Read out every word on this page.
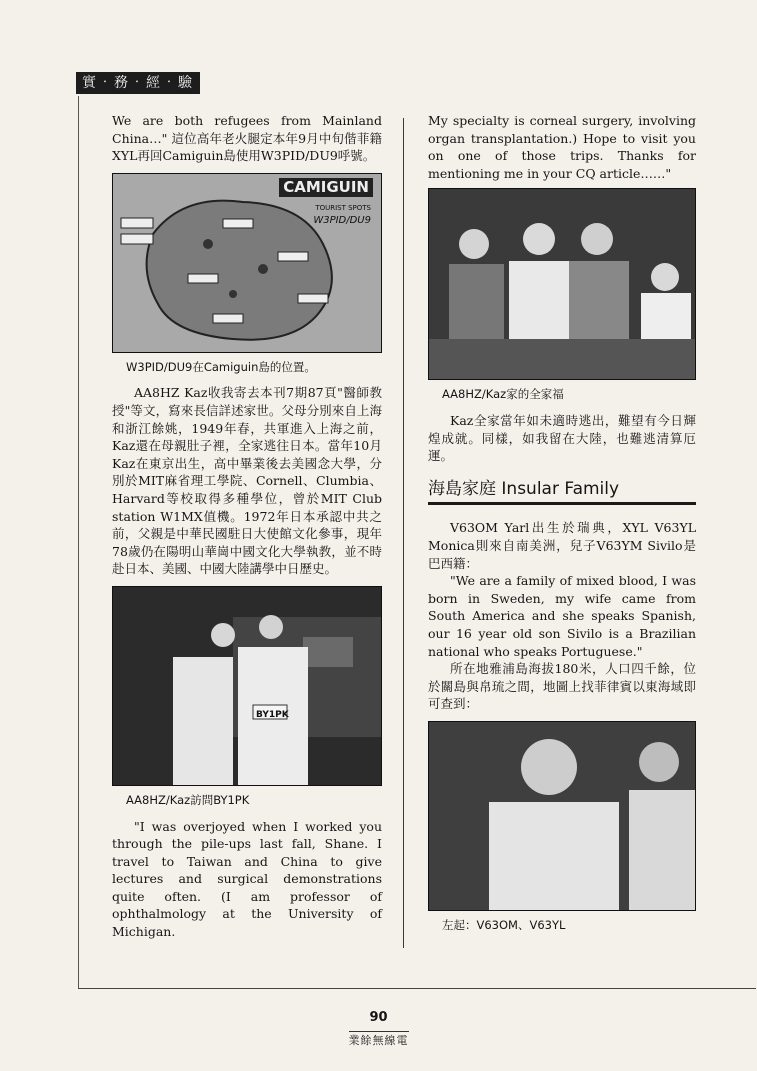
實‧務‧經‧驗

We are both refugees from Mainland China…" 這位高年老火腿定本年9月中旬偕菲籍XYL再回Camiguin島使用W3PID/DU9呼號。

CAMIGUIN
TOURIST SPOTS
W3PID/DU9
W3PID/DU9在Camiguin島的位置。

AA8HZ Kaz收我寄去本刊7期87頁"醫師教授"等文，寫來長信詳述家世。父母分別來自上海和浙江餘姚，1949年春，共軍進入上海之前，Kaz還在母親肚子裡，全家逃往日本。當年10月Kaz在東京出生，高中畢業後去美國念大學，分別於MIT麻省理工學院、Cornell、Clumbia、Harvard等校取得多種學位，曾於MIT Club station W1MX值機。1972年日本承認中共之前，父親是中華民國駐日大使館文化參事，現年78歲仍在陽明山華崗中國文化大學執教，並不時赴日本、美國、中國大陸講學中日歷史。

BY1PK
AA8HZ/Kaz訪問BY1PK

"I was overjoyed when I worked you through the pile-ups last fall, Shane. I travel to Taiwan and China to give lectures and surgical demonstrations quite often. (I am professor of ophthalmology at the University of Michigan.

My specialty is corneal surgery, involving organ transplantation.) Hope to visit you on one of those trips. Thanks for mentioning me in your CQ article……"

AA8HZ/Kaz家的全家福

Kaz全家當年如未適時逃出，難望有今日輝煌成就。同樣，如我留在大陸，也難逃清算厄運。

海島家庭 Insular Family

V63OM Yarl出生於瑞典，XYL V63YL Monica則來自南美洲，兒子V63YM Sivilo是巴西籍：

"We are a family of mixed blood, I was born in Sweden, my wife came from South America and she speaks Spanish, our 16 year old son Sivilo is a Brazilian national who speaks Portuguese."

所在地雅浦島海拔180米，人口四千餘，位於關島與帛琉之間，地圖上找菲律賓以東海域即可查到：

左起：V63OM、V63YL
90
業餘無線電
